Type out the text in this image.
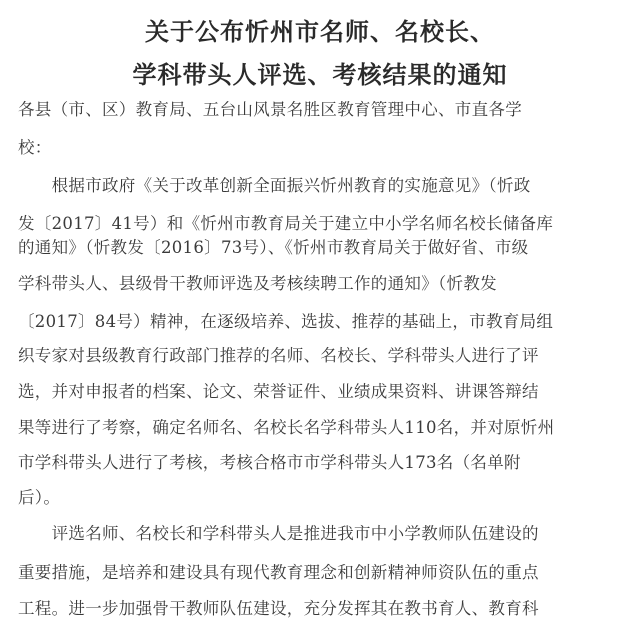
关于公布忻州市名师、名校长、
学科带头人评选、考核结果的通知
各县（市、区）教育局、五台山风景名胜区教育管理中心、市直各学
校：
　　根据市政府《关于改革创新全面振兴忻州教育的实施意见》（忻政
发〔2017〕41号）和《忻州市教育局关于建立中小学名师名校长储备库
的通知》（忻教发〔2016〕73号）、《忻州市教育局关于做好省、市级
学科带头人、县级骨干教师评选及考核续聘工作的通知》（忻教发
〔2017〕84号）精神，在逐级培养、选拔、推荐的基础上，市教育局组
织专家对县级教育行政部门推荐的名师、名校长、学科带头人进行了评
选，并对申报者的档案、论文、荣誉证件、业绩成果资料、讲课答辩结
果等进行了考察，确定名师名、名校长名学科带头人110名，并对原忻州
市学科带头人进行了考核，考核合格市市学科带头人173名（名单附
后）。
　　评选名师、名校长和学科带头人是推进我市中小学教师队伍建设的
重要措施，是培养和建设具有现代教育理念和创新精神师资队伍的重点
工程。进一步加强骨干教师队伍建设，充分发挥其在教书育人、教育科
